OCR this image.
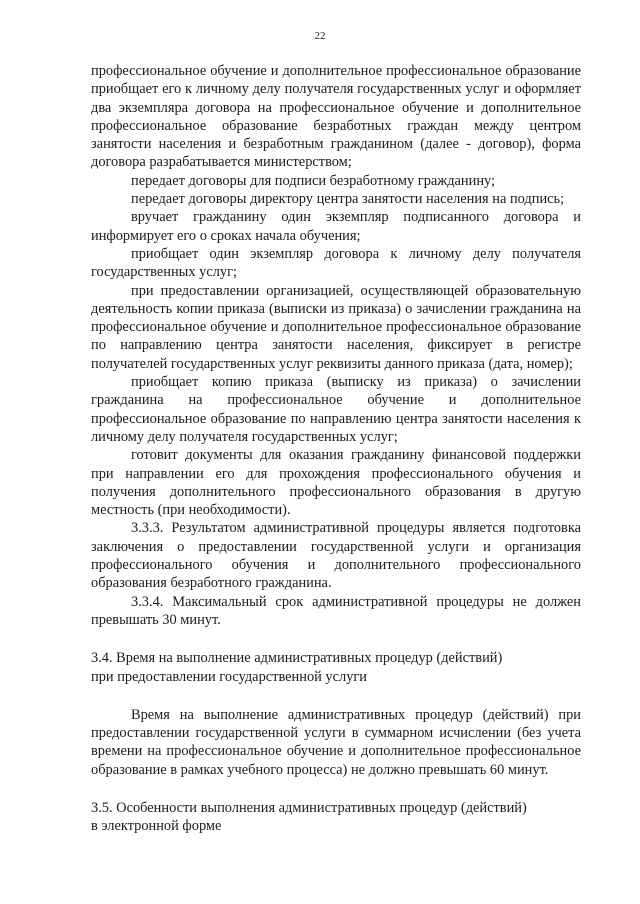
22

профессиональное обучение и дополнительное профессиональное образование приобщает его к личному делу получателя государственных услуг и оформляет два экземпляра договора на профессиональное обучение и дополнительное профессиональное образование безработных граждан между центром занятости населения и безработным гражданином (далее - договор), форма договора разрабатывается министерством;

передает договоры для подписи безработному гражданину;

передает договоры директору центра занятости населения на подпись;

вручает гражданину один экземпляр подписанного договора и информирует его о сроках начала обучения;

приобщает один экземпляр договора к личному делу получателя государственных услуг;

при предоставлении организацией, осуществляющей образовательную деятельность копии приказа (выписки из приказа) о зачислении гражданина на профессиональное обучение и дополнительное профессиональное образование по направлению центра занятости населения, фиксирует в регистре получателей государственных услуг реквизиты данного приказа (дата, номер);

приобщает копию приказа (выписку из приказа) о зачислении гражданина на профессиональное обучение и дополнительное профессиональное образование по направлению центра занятости населения к личному делу получателя государственных услуг;

готовит документы для оказания гражданину финансовой поддержки при направлении его для прохождения профессионального обучения и получения дополнительного профессионального образования в другую местность (при необходимости).

3.3.3. Результатом административной процедуры является подготовка заключения о предоставлении государственной услуги и организация профессионального обучения и дополнительного профессионального образования безработного гражданина.

3.3.4. Максимальный срок административной процедуры не должен превышать 30 минут.

3.4. Время на выполнение административных процедур (действий)
при предоставлении государственной услуги

Время на выполнение административных процедур (действий) при предоставлении государственной услуги в суммарном исчислении (без учета времени на профессиональное обучение и дополнительное профессиональное образование в рамках учебного процесса) не должно превышать 60 минут.

3.5. Особенности выполнения административных процедур (действий)
в электронной форме
